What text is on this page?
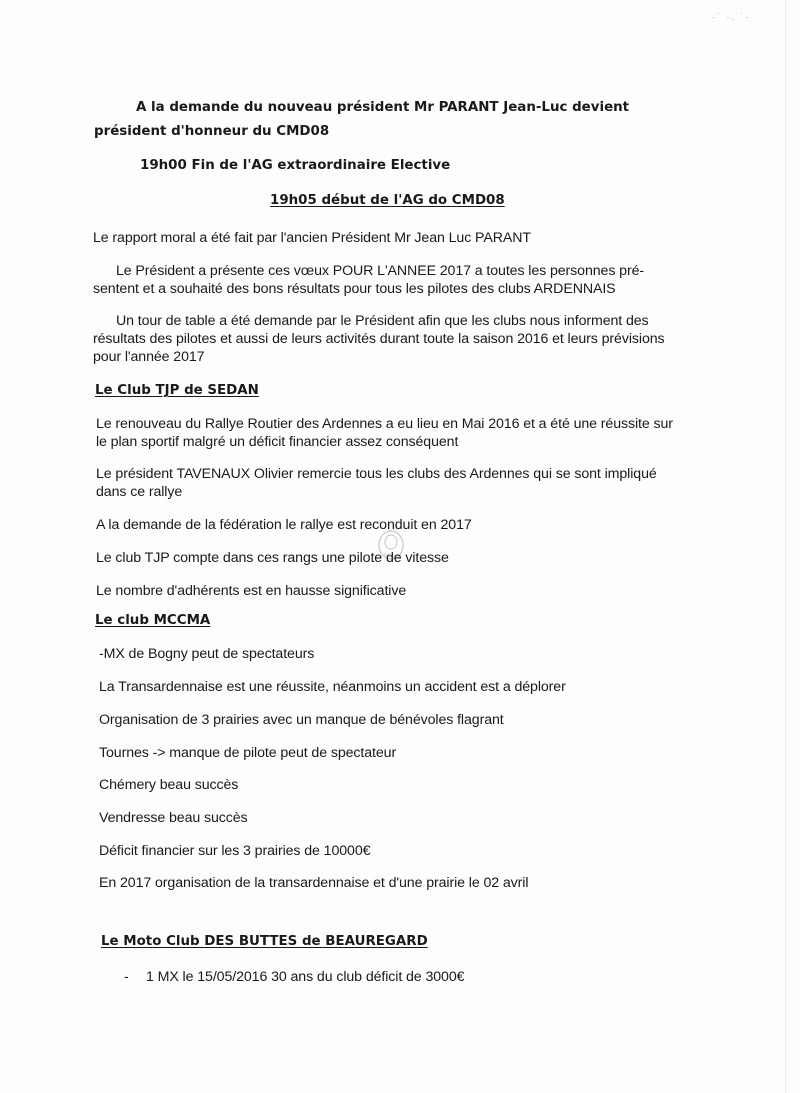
·˙ ·. ˙·
A la demande du nouveau président Mr PARANT Jean-Luc devient
président d'honneur du CMD08
19h00 Fin de l'AG extraordinaire Elective
19h05 début de l'AG do CMD08
Le rapport moral a été fait par l'ancien Président Mr Jean Luc PARANT
Le Président a présente ces vœux POUR L'ANNEE 2017 a toutes les personnes pré-
sentent et a souhaité des bons résultats pour tous les pilotes des clubs ARDENNAIS
Un tour de table a été demande par le Président afin que les clubs nous informent des
résultats des pilotes et aussi de leurs activités durant toute la saison 2016 et leurs prévisions
pour l'année 2017
Le Club TJP de SEDAN
Le renouveau du Rallye Routier des Ardennes a eu lieu en Mai 2016 et a été une réussite sur
le plan sportif malgré un déficit financier assez conséquent
Le président TAVENAUX Olivier remercie tous les clubs des Ardennes qui se sont impliqué
dans ce rallye
A la demande de la fédération le rallye est reconduit en 2017
Le club TJP compte dans ces rangs une pilote de vitesse
Le nombre d'adhérents est en hausse significative
Le club MCCMA
-MX de Bogny peut de spectateurs
La Transardennaise est une réussite, néanmoins un accident est a déplorer
Organisation de 3 prairies avec un manque de bénévoles flagrant
Tournes -> manque de pilote peut de spectateur
Chémery beau succès
Vendresse beau succès
Déficit financier sur les 3 prairies de 10000€
En 2017 organisation de la transardennaise et d'une prairie le 02 avril
Le Moto Club DES BUTTES de BEAUREGARD
- 1 MX le 15/05/2016 30 ans du club déficit de 3000€
